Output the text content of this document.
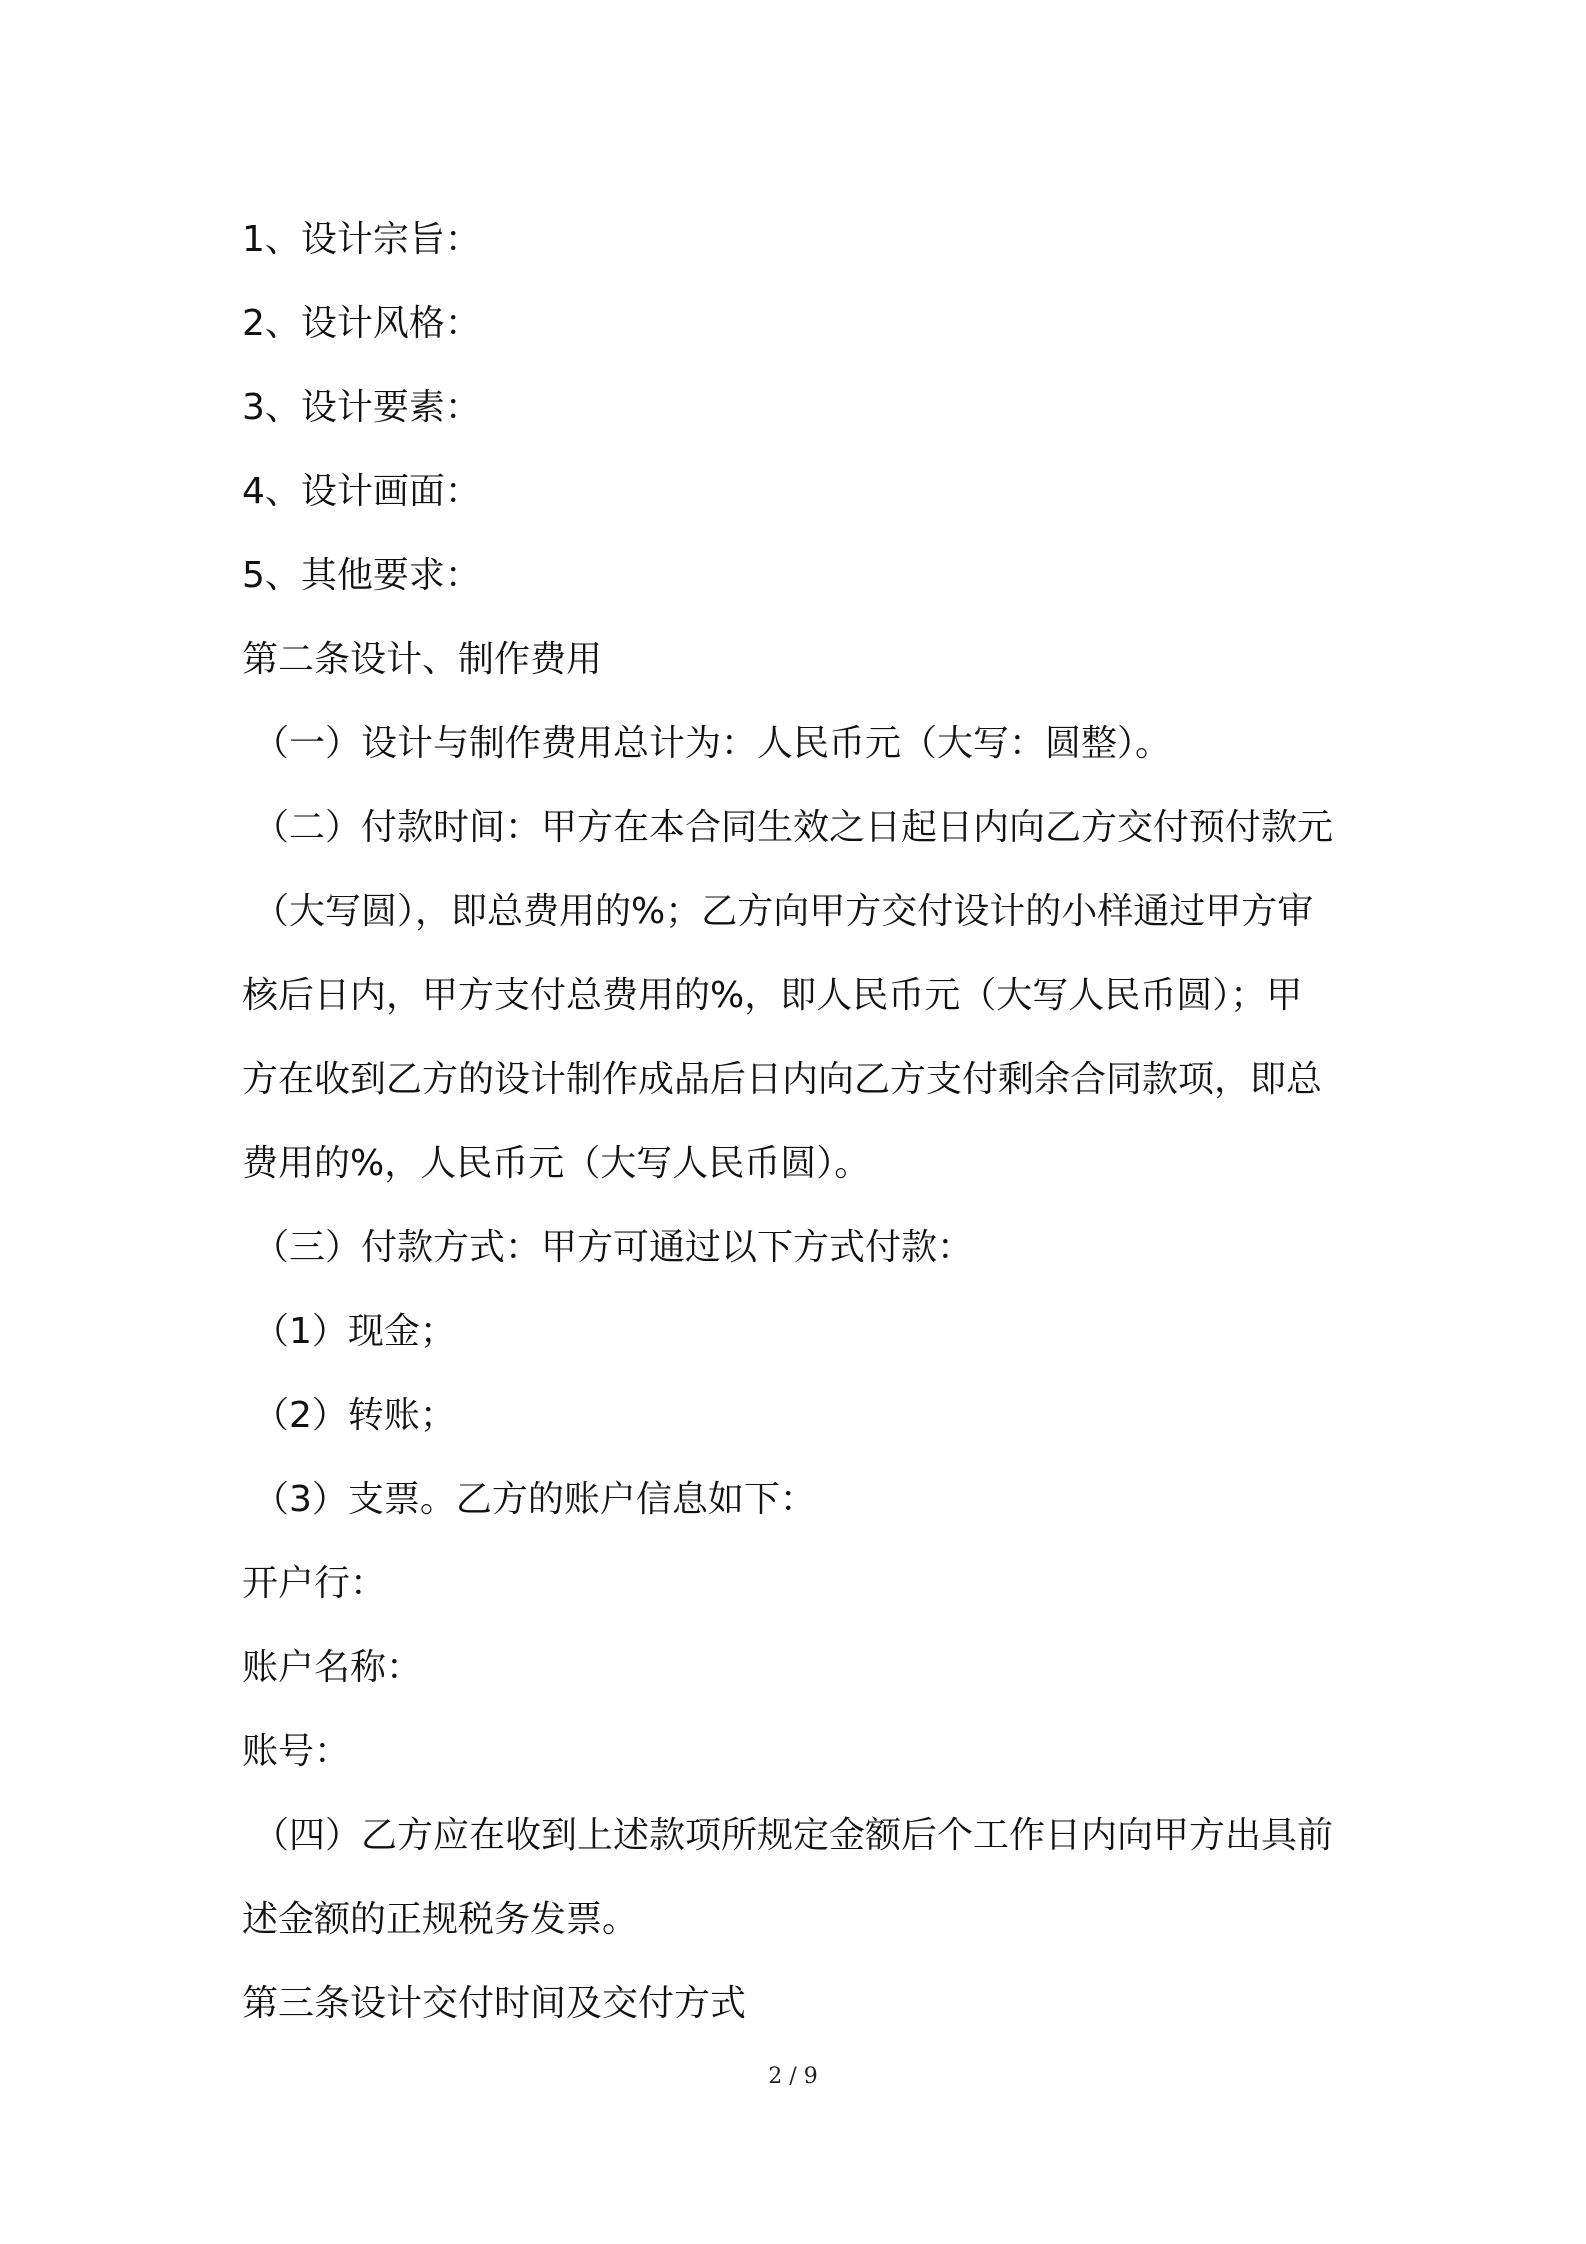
1、设计宗旨：
2、设计风格：
3、设计要素：
4、设计画面：
5、其他要求：
第二条设计、制作费用
（一）设计与制作费用总计为：人民币元（大写：圆整）。
（二）付款时间：甲方在本合同生效之日起日内向乙方交付预付款元
（大写圆），即总费用的%；乙方向甲方交付设计的小样通过甲方审
核后日内，甲方支付总费用的%，即人民币元（大写人民币圆）；甲
方在收到乙方的设计制作成品后日内向乙方支付剩余合同款项，即总
费用的%，人民币元（大写人民币圆）。
（三）付款方式：甲方可通过以下方式付款：
（1）现金；
（2）转账；
（3）支票。乙方的账户信息如下：
开户行：
账户名称：
账号：
（四）乙方应在收到上述款项所规定金额后个工作日内向甲方出具前
述金额的正规税务发票。
第三条设计交付时间及交付方式
2 / 9
